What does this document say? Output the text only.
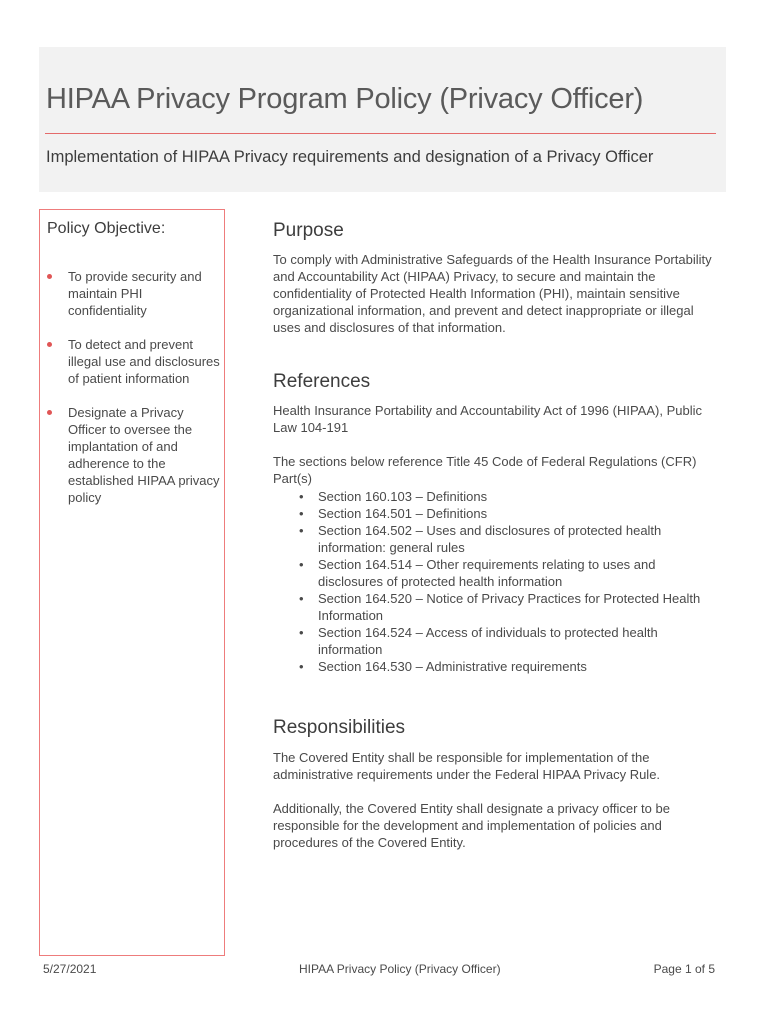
HIPAA Privacy Program Policy (Privacy Officer)
Implementation of HIPAA Privacy requirements and designation of a Privacy Officer
Policy Objective:
To provide security and maintain PHI confidentiality
To detect and prevent illegal use and disclosures of patient information
Designate a Privacy Officer to oversee the implantation of and adherence to the established HIPAA privacy policy
Purpose

To comply with Administrative Safeguards of the Health Insurance Portability and Accountability Act (HIPAA) Privacy, to secure and maintain the confidentiality of Protected Health Information (PHI), maintain sensitive organizational information, and prevent and detect inappropriate or illegal uses and disclosures of that information.

References

Health Insurance Portability and Accountability Act of 1996 (HIPAA), Public Law 104-191

The sections below reference Title 45 Code of Federal Regulations (CFR) Part(s)

• Section 160.103 – Definitions
• Section 164.501 – Definitions
• Section 164.502 – Uses and disclosures of protected health information: general rules
• Section 164.514 – Other requirements relating to uses and disclosures of protected health information
• Section 164.520 – Notice of Privacy Practices for Protected Health Information
• Section 164.524 – Access of individuals to protected health information
• Section 164.530 – Administrative requirements
Responsibilities

The Covered Entity shall be responsible for implementation of the administrative requirements under the Federal HIPAA Privacy Rule.

Additionally, the Covered Entity shall designate a privacy officer to be responsible for the development and implementation of policies and procedures of the Covered Entity.

5/27/2021	HIPAA Privacy Policy (Privacy Officer)	Page 1 of 5
